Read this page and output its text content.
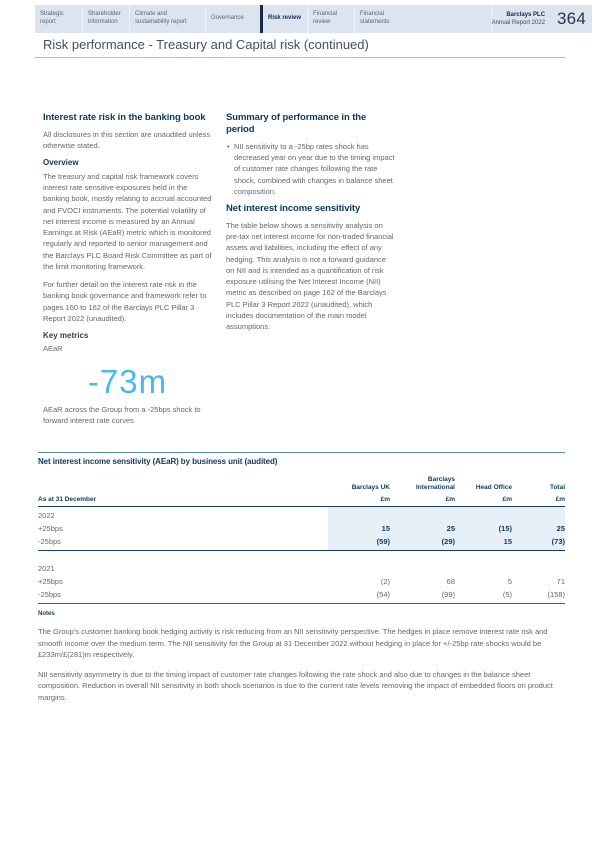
Strategic report
Shareholder information
Climate and sustainability report
Governance	Risk review
Financial review
Financial statements
Barclays PLC
Annual Report 2022 364
Risk performance - Treasury and Capital risk (continued)
Interest rate risk in the banking book

All disclosures in this section are unaudited unless otherwise stated.

Overview

The treasury and capital risk framework covers interest rate sensitive exposures held in the banking book, mostly relating to accrual accounted and FVOCI instruments. The potential volatility of net interest income is measured by an Annual Earnings at Risk (AEaR) metric which is monitored regularly and reported to senior management and the Barclays PLC Board Risk Committee as part of the limit monitoring framework.

For further detail on the interest rate risk in the banking book governance and framework refer to pages 160 to 162 of the Barclays PLC Pillar 3 Report 2022 (unaudited).

Key metrics

AEaR

-73m

AEaR across the Group from a -25bps shock to forward interest rate curves

Summary of performance in the period
• NII sensitivity to a -25bp rates shock has decreased year on year due to the timing impact of customer rate changes following the rate shock, combined with changes in balance sheet composition.
Net interest income sensitivity

The table below shows a sensitivity analysis on pre-tax net interest income for non-traded financial assets and liabilities, including the effect of any hedging. This analysis is not a forward guidance on NII and is intended as a quantification of risk exposure utilising the Net Interest Income (NII) metric as described on page 162 of the Barclays PLC Pillar 3 Report 2022 (unaudited), which includes documentation of the main model assumptions.

Net interest income sensitivity (AEaR) by business unit (audited)
	Barclays UK	Barclays International	Head Office	Total
As at 31 December	£m	£m	£m	£m
2022				
+25bps	15	25	(15)	25
-25bps	(59)	(29)	15	(73)

2021				
+25bps	(2)	68	5	71
-25bps	(54)	(99)	(5)	(158)
Notes

The Group's customer banking book hedging activity is risk reducing from an NII sensitivity perspective. The hedges in place remove interest rate risk and smooth income over the medium term. The NII sensitivity for the Group at 31 December 2022 without hedging in place for +/-25bp rate shocks would be £233m/£(281)m respectively.

NII sensitivity asymmetry is due to the timing impact of customer rate changes following the rate shock and also due to changes in the balance sheet composition. Reduction in overall NII sensitivity in both shock scenarios is due to the current rate levels removing the impact of embedded floors on product margins.
